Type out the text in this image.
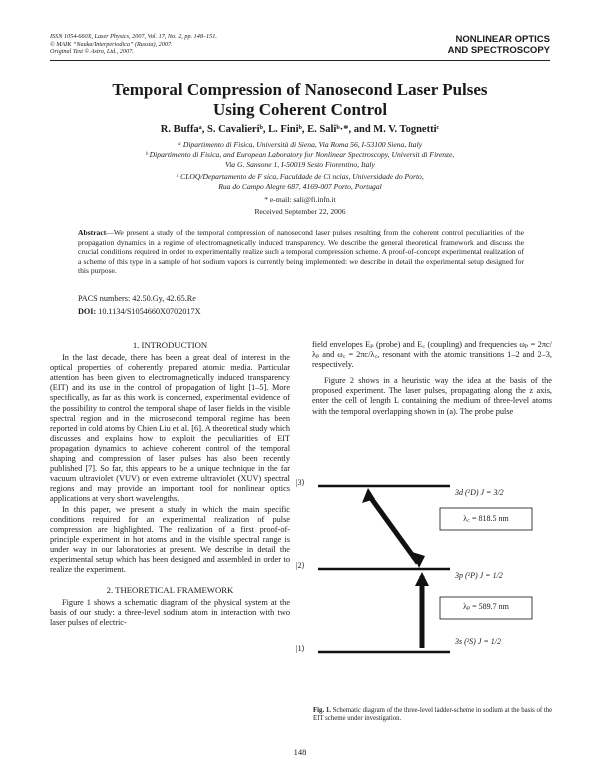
ISSN 1054-660X, Laser Physics, 2007, Vol. 17, No. 2, pp. 148–151.
© MAIK “Nauka/Interperiodica” (Russia), 2007.
Original Text © Astro, Ltd., 2007.
NONLINEAR OPTICS
AND SPECTROSCOPY
Temporal Compression of Nanosecond Laser Pulses
Using Coherent Control
R. Buffaᵃ, S. Cavalieriᵇ, L. Finiᵇ, E. Saliᵇ·*, and M. V. Tognettiᶜ
ᵃ Dipartimento di Fisica, Università di Siena, Via Roma 56, I-53100 Siena, Italy
ᵇ Dipartimento di Fisica, and European Laboratory for Nonlinear Spectroscopy, Universit di Firenze,
Via G. Sansone 1, I-50019 Sesto Fiorentino, Italy
ᶜ CLOQ/Departamento de F sica, Faculdade de Ci ncias, Universidade do Porto,
Rua do Campo Alegre 687, 4169-007 Porto, Portugal
* e-mail: sali@fi.infn.it
Received September 22, 2006
Abstract—We present a study of the temporal compression of nanosecond laser pulses resulting from the coherent control peculiarities of the propagation dynamics in a regime of electromagnetically induced transparency. We describe the general theoretical framework and discuss the crucial conditions required in order to experimentally realize such a temporal compression scheme. A proof-of-concept experimental realization of a scheme of this type in a sample of hot sodium vapors is currently being implemented: we describe in detail the experimental setup designed for this purpose.
PACS numbers: 42.50.Gy, 42.65.Re
DOI: 10.1134/S1054660X0702017X
1. INTRODUCTION

In the last decade, there has been a great deal of interest in the optical properties of coherently prepared atomic media. Particular attention has been given to electromagnetically induced transparency (EIT) and its use in the control of propagation of light [1–5]. More specifically, as far as this work is concerned, experimental evidence of the possibility to control the temporal shape of laser fields in the visible spectral region and in the microsecond temporal regime has been reported in cold atoms by Chien Liu et al. [6]. A theoretical study which discusses and explains how to exploit the peculiarities of EIT propagation dynamics to achieve coherent control of the temporal shaping and compression of laser pulses has also been recently published [7]. So far, this appears to be a unique technique in the far vacuum ultraviolet (VUV) or even extreme ultraviolet (XUV) spectral regions and may provide an important tool for nonlinear optics applications at very short wavelengths.

In this paper, we present a study in which the main specific conditions required for an experimental realization of pulse compression are highlighted. The realization of a first proof-of-principle experiment in hot atoms and in the visible spectral range is under way in our laboratories at present. We describe in detail the experimental setup which has been designed and assembled in order to realize the experiment.

2. THEORETICAL FRAMEWORK

Figure 1 shows a schematic diagram of the physical system at the basis of our study: a three-level sodium atom in interaction with two laser pulses of electric-

field envelopes Eₚ (probe) and E꜀ (coupling) and frequencies ωₚ = 2πc/λₚ and ω꜀ = 2πc/λ꜀, resonant with the atomic transitions 1–2 and 2–3, respectively.

Figure 2 shows in a heuristic way the idea at the basis of the proposed experiment. The laser pulses, propagating along the z axis, enter the cell of length L containing the medium of three-level atoms with the temporal overlapping shown in (a). The probe pulse

|3⟩
|2⟩
|1⟩
3d (²D) J = 3/2
3p (²P) J = 1/2
3s (²S) J = 1/2
λ꜀ = 818.5 nm
λₚ = 589.7 nm
Fig. 1. Schematic diagram of the three-level ladder-scheme in sodium at the basis of the EIT scheme under investigation.
148
